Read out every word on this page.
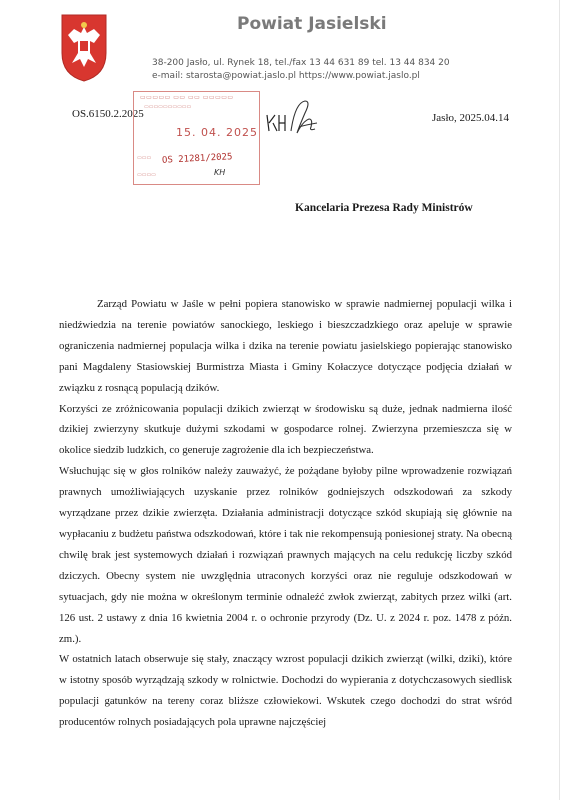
Powiat Jasielski
38-200 Jasło, ul. Rynek 18, tel./fax 13 44 631 89 tel. 13 44 834 20
e-mail: starosta@powiat.jaslo.pl https://www.powiat.jaslo.pl
OS.6150.2.2025	Jasło, 2025.04.14
▭▭▭▭▭ ▭▭ ▭▭ ▭▭▭▭▭
▭▭▭▭▭▭▭▭▭▭
15. 04. 2025
▭▭▭ OS 21281/2025
KH
▭▭▭▭
Kancelaria Prezesa Rady Ministrów

Zarząd Powiatu w Jaśle w pełni popiera stanowisko w sprawie nadmiernej populacji wilka i niedźwiedzia na terenie powiatów sanockiego, leskiego i bieszczadzkiego oraz apeluje w sprawie ograniczenia nadmiernej populacja wilka i dzika na terenie powiatu jasielskiego popierając stanowisko pani Magdaleny Stasiowskiej Burmistrza Miasta i Gminy Kołaczyce dotyczące podjęcia działań w związku z rosnącą populacją dzików.

Korzyści ze zróżnicowania populacji dzikich zwierząt w środowisku są duże, jednak nadmierna ilość dzikiej zwierzyny skutkuje dużymi szkodami w gospodarce rolnej. Zwierzyna przemieszcza się w okolice siedzib ludzkich, co generuje zagrożenie dla ich bezpieczeństwa.

Wsłuchując się w głos rolników należy zauważyć, że pożądane byłoby pilne wprowadzenie rozwiązań prawnych umożliwiających uzyskanie przez rolników godniejszych odszkodowań za szkody wyrządzane przez dzikie zwierzęta. Działania administracji dotyczące szkód skupiają się głównie na wypłacaniu z budżetu państwa odszkodowań, które i tak nie rekompensują poniesionej straty. Na obecną chwilę brak jest systemowych działań i rozwiązań prawnych mających na celu redukcję liczby szkód dziczych. Obecny system nie uwzględnia utraconych korzyści oraz nie reguluje odszkodowań w sytuacjach, gdy nie można w określonym terminie odnaleźć zwłok zwierząt, zabitych przez wilki (art. 126 ust. 2 ustawy z dnia 16 kwietnia 2004 r. o ochronie przyrody (Dz. U. z 2024 r. poz. 1478 z późn. zm.).

W ostatnich latach obserwuje się stały, znaczący wzrost populacji dzikich zwierząt (wilki, dziki), które w istotny sposób wyrządzają szkody w rolnictwie. Dochodzi do wypierania z dotychczasowych siedlisk populacji gatunków na tereny coraz bliższe człowiekowi. Wskutek czego dochodzi do strat wśród producentów rolnych posiadających pola uprawne najczęściej
